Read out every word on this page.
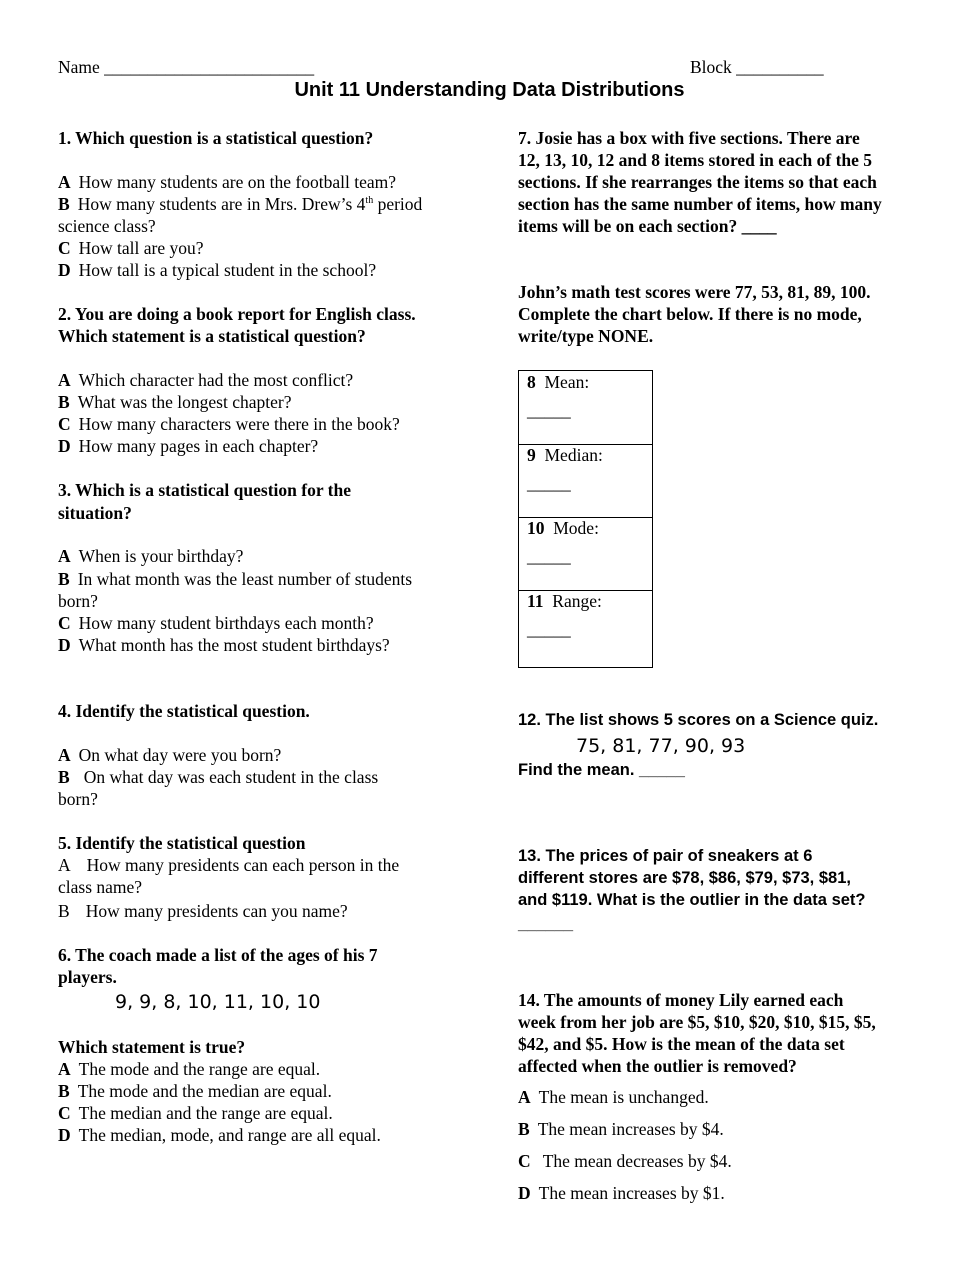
Name ________________________	Block __________
Unit 11 Understanding Data Distributions
1. Which question is a statistical question?
A How many students are on the football team?
B How many students are in Mrs. Drew’s 4th period
science class?
C How tall are you?
D How tall is a typical student in the school?
2. You are doing a book report for English class.
Which statement is a statistical question?
A Which character had the most conflict?
B What was the longest chapter?
C How many characters were there in the book?
D How many pages in each chapter?
3. Which is a statistical question for the
situation?
A When is your birthday?
B In what month was the least number of students
born?
C How many student birthdays each month?
D What month has the most student birthdays?
4. Identify the statistical question.
A On what day were you born?
B On what day was each student in the class
born?
5. Identify the statistical question
A How many presidents can each person in the
class name?
B How many presidents can you name?
6. The coach made a list of the ages of his 7
players.
9, 9, 8, 10, 11, 10, 10
Which statement is true?
A The mode and the range are equal.
B The mode and the median are equal.
C The median and the range are equal.
D The median, mode, and range are all equal.
7. Josie has a box with five sections. There are
12, 13, 10, 12 and 8 items stored in each of the 5
sections. If she rearranges the items so that each
section has the same number of items, how many
items will be on each section? ____
John’s math test scores were 77, 53, 81, 89, 100.
Complete the chart below. If there is no mode,
write/type NONE.
8 Mean:
_____
9 Median:
_____
10 Mode:
_____
11 Range:
_____
12. The list shows 5 scores on a Science quiz.
75, 81, 77, 90, 93
Find the mean. _____
13. The prices of pair of sneakers at 6
different stores are $78, $86, $79, $73, $81,
and $119. What is the outlier in the data set?
______
14. The amounts of money Lily earned each
week from her job are $5, $10, $20, $10, $15, $5,
$42, and $5. How is the mean of the data set
affected when the outlier is removed?
A The mean is unchanged.
B The mean increases by $4.
C The mean decreases by $4.
D The mean increases by $1.
